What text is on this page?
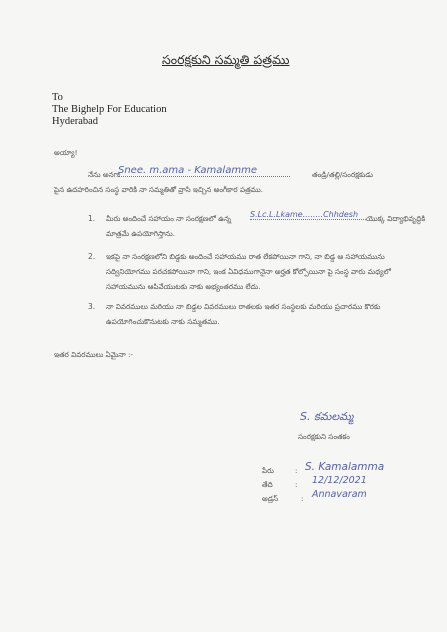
సంరక్షకుని సమ్మతి పత్రము
To
The Bighelp For Education
Hyderabad
అయ్యా!
నేను అనగా
Snee. m.ama - Kamalamme	తండ్రి/తల్లి/సంరక్షకుడు
పైన ఉదహరించిన సంస్థ వారికి నా సమ్మతితో వ్రాసి ఇచ్చిన అంగీకార పత్రము.
1. మీరు అందించే సహాయం నా సంరక్షణలో ఉన్న S.Lc.L.Lkame........Chhdesh	యొక్క విద్యాభివృద్ధికి
మాత్రమే ఉపయోగిస్తాను.
2. ఇకపై నా సంరక్షణలోని బిడ్డకు అందించే సహాయము రాత లేకపోయినా గాని, నా బిడ్డ ఆ సహాయమును
సద్వినియోగము పరచకపోయినా గాని, ఇంక ఏవిధముగానైనా అర్హత కోల్పోయినా పై సంస్థ వారు మధ్యలో
సహాయమును ఆపివేయుటకు నాకు అభ్యంతరము లేదు.
3. నా వివరములు మరియు నా బిడ్డల వివరములు రాతలకు ఇతర సంస్థలకు మరియు ప్రచారము కొరకు
ఉపయోగించుకొనుటకు నాకు సమ్మతము.
ఇతర వివరములు ఏమైనా :-
S. కమలమ్మ
సంరక్షకుని సంతకం
పేరు	: S. Kamalamma
తేది	: 12/12/2021
అడ్రస్	: Annavaram
